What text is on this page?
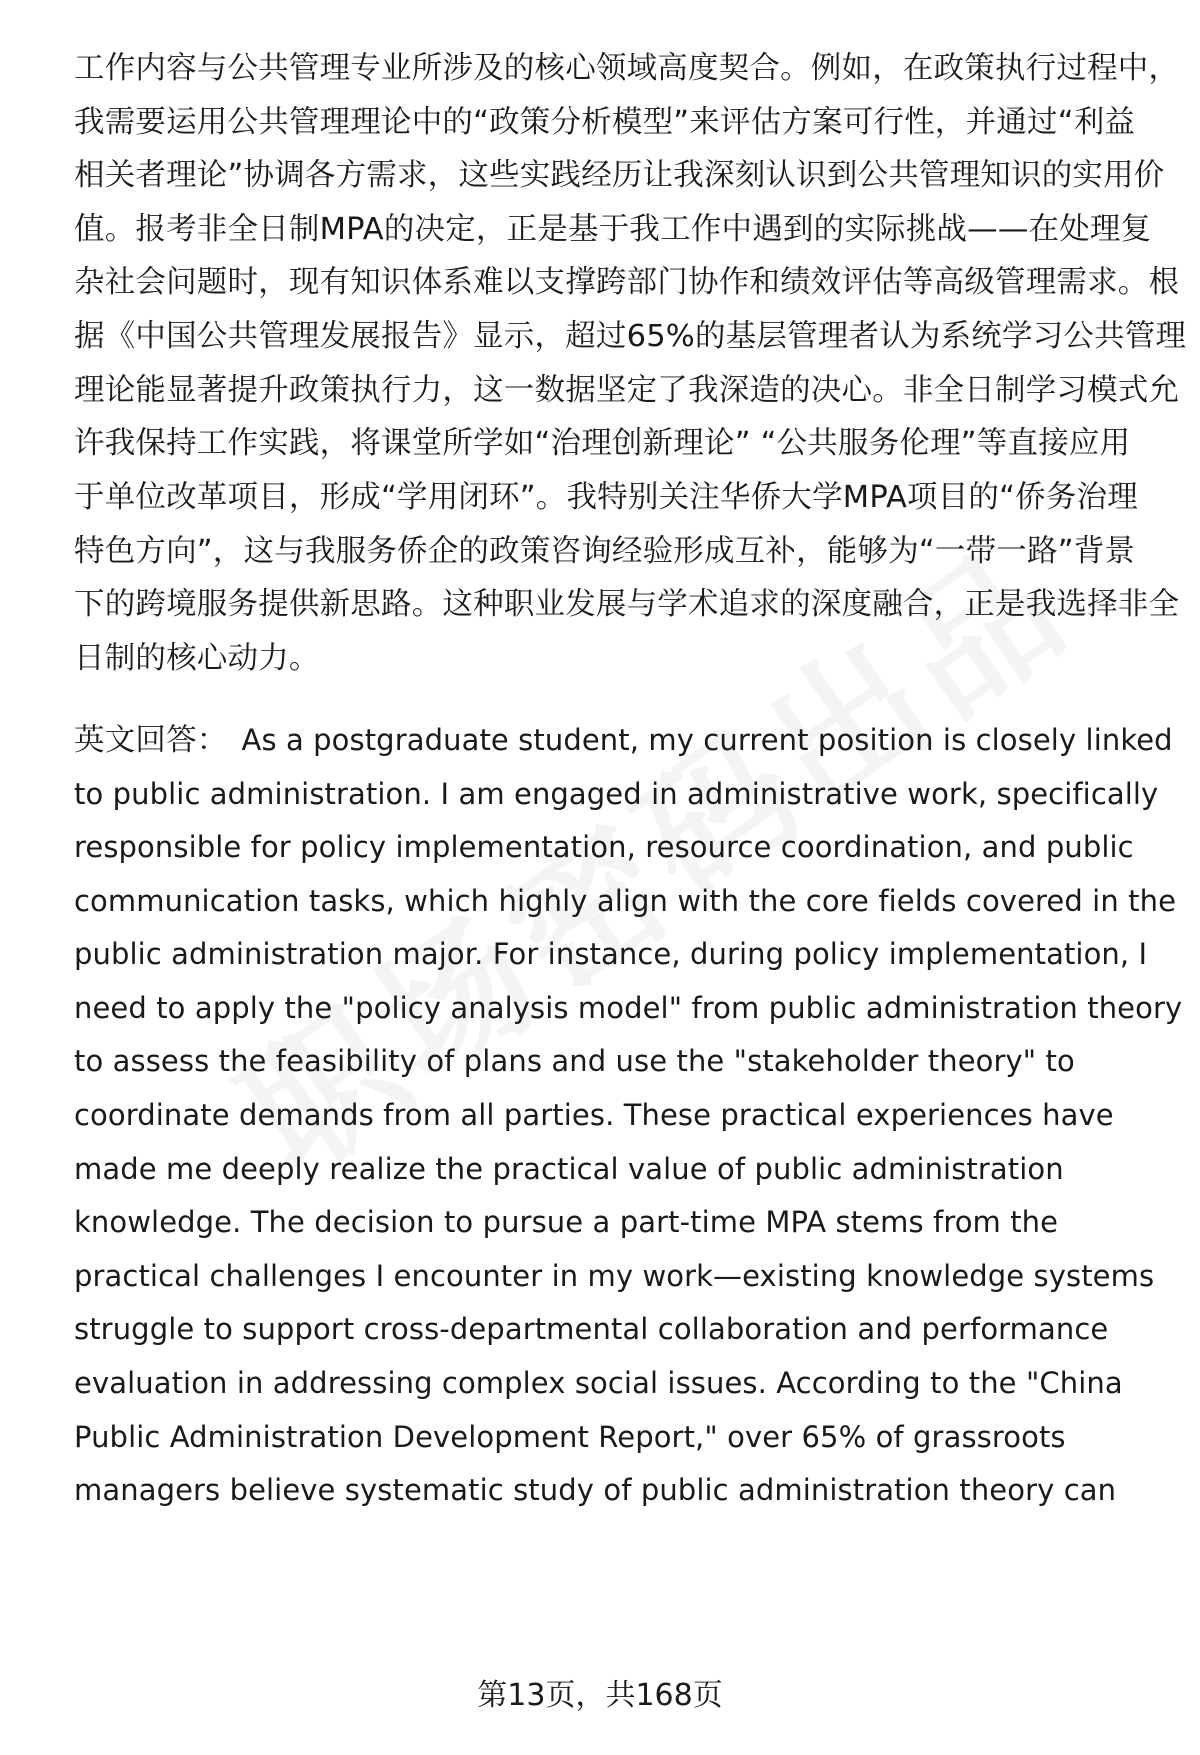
工作内容与公共管理专业所涉及的核心领域高度契合。例如，在政策执行过程中，
我需要运用公共管理理论中的“政策分析模型”来评估方案可行性，并通过“利益
相关者理论”协调各方需求，这些实践经历让我深刻认识到公共管理知识的实用价
值。报考非全日制MPA的决定，正是基于我工作中遇到的实际挑战——在处理复
杂社会问题时，现有知识体系难以支撑跨部门协作和绩效评估等高级管理需求。根
据《中国公共管理发展报告》显示，超过65%的基层管理者认为系统学习公共管理
理论能显著提升政策执行力，这一数据坚定了我深造的决心。非全日制学习模式允
许我保持工作实践，将课堂所学如“治理创新理论” “公共服务伦理”等直接应用
于单位改革项目，形成“学用闭环”。我特别关注华侨大学MPA项目的“侨务治理
特色方向”，这与我服务侨企的政策咨询经验形成互补，能够为“一带一路”背景
下的跨境服务提供新思路。这种职业发展与学术追求的深度融合，正是我选择非全
日制的核心动力。
英文回答： As a postgraduate student, my current position is closely linked
to public administration. I am engaged in administrative work, specifically
responsible for policy implementation, resource coordination, and public
communication tasks, which highly align with the core fields covered in the
public administration major. For instance, during policy implementation, I
need to apply the "policy analysis model" from public administration theory
to assess the feasibility of plans and use the "stakeholder theory" to
coordinate demands from all parties. These practical experiences have
made me deeply realize the practical value of public administration
knowledge. The decision to pursue a part-time MPA stems from the
practical challenges I encounter in my work—existing knowledge systems
struggle to support cross-departmental collaboration and performance
evaluation in addressing complex social issues. According to the "China
Public Administration Development Report," over 65% of grassroots
managers believe systematic study of public administration theory can
第13页，共168页
